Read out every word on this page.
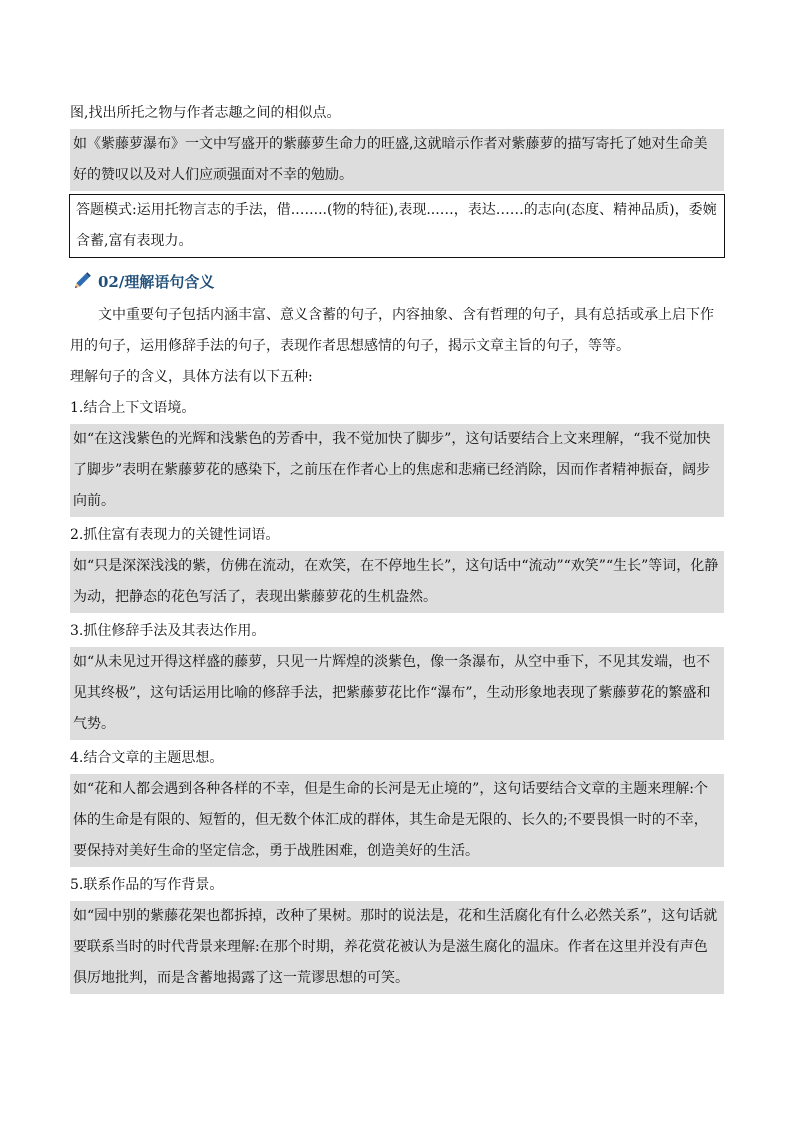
图,找出所托之物与作者志趣之间的相似点。

如《紫藤萝瀑布》一文中写盛开的紫藤萝生命力的旺盛,这就暗示作者对紫藤萝的描写寄托了她对生命美好的赞叹以及对人们应顽强面对不幸的勉励。

答题模式:运用托物言志的手法，借.…....(物的特征),表现...…，表达……的志向(态度、精神品质)，委婉含蓄,富有表现力。

02/理解语句含义

文中重要句子包括内涵丰富、意义含蓄的句子，内容抽象、含有哲理的句子，具有总括或承上启下作用的句子，运用修辞手法的句子，表现作者思想感情的句子，揭示文章主旨的句子，等等。

理解句子的含义，具体方法有以下五种:
1.结合上下文语境。

如“在这浅紫色的光辉和浅紫色的芳香中，我不觉加快了脚步”，这句话要结合上文来理解，“我不觉加快了脚步”表明在紫藤萝花的感染下，之前压在作者心上的焦虑和悲痛已经消除，因而作者精神振奋，阔步向前。

2.抓住富有表现力的关键性词语。

如“只是深深浅浅的紫，仿佛在流动，在欢笑，在不停地生长”，这句话中“流动”“欢笑”“生长”等词，化静为动，把静态的花色写活了，表现出紫藤萝花的生机盎然。

3.抓住修辞手法及其表达作用。

如“从未见过开得这样盛的藤萝，只见一片辉煌的淡紫色，像一条瀑布，从空中垂下，不见其发端，也不见其终极”，这句话运用比喻的修辞手法，把紫藤萝花比作“瀑布”，生动形象地表现了紫藤萝花的繁盛和气势。

4.结合文章的主题思想。

如“花和人都会遇到各种各样的不幸，但是生命的长河是无止境的”，这句话要结合文章的主题来理解:个体的生命是有限的、短暂的，但无数个体汇成的群体，其生命是无限的、长久的;不要畏惧一时的不幸，要保持对美好生命的坚定信念，勇于战胜困难，创造美好的生活。

5.联系作品的写作背景。

如“园中别的紫藤花架也都拆掉，改种了果树。那时的说法是，花和生活腐化有什么必然关系”，这句话就要联系当时的时代背景来理解:在那个时期，养花赏花被认为是滋生腐化的温床。作者在这里并没有声色俱厉地批判，而是含蓄地揭露了这一荒谬思想的可笑。
